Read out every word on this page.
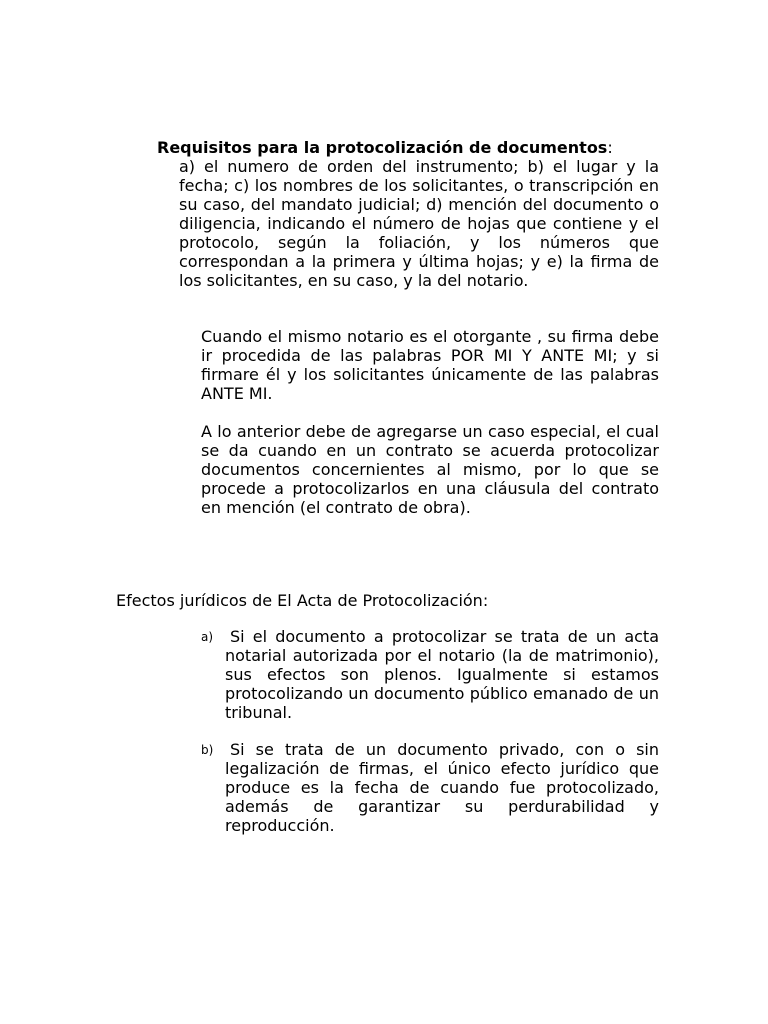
Requisitos para la protocolización de documentos:

a) el numero de orden del instrumento; b) el lugar y la fecha; c) los nombres de los solicitantes, o transcripción en su caso, del mandato judicial; d) mención del documento o diligencia, indicando el número de hojas que contiene y el protocolo, según la foliación, y los números que correspondan a la primera y última hojas; y e) la firma de los solicitantes, en su caso, y la del notario.

Cuando el mismo notario es el otorgante , su firma debe ir procedida de las palabras POR MI Y ANTE MI; y si firmare él y los solicitantes únicamente de las palabras ANTE MI.

A lo anterior debe de agregarse un caso especial, el cual se da cuando en un contrato se acuerda protocolizar documentos concernientes al mismo, por lo que se procede a protocolizarlos en una cláusula del contrato en mención (el contrato de obra).

Efectos jurídicos de El Acta de Protocolización:

a)	Si el documento a protocolizar se trata de un acta notarial autorizada por el notario (la de matrimonio), sus efectos son plenos. Igualmente si estamos protocolizando un documento público emanado de un tribunal.

b)	Si se trata de un documento privado, con o sin legalización de firmas, el único efecto jurídico que produce es la fecha de cuando fue protocolizado, además de garantizar su perdurabilidad y reproducción.
